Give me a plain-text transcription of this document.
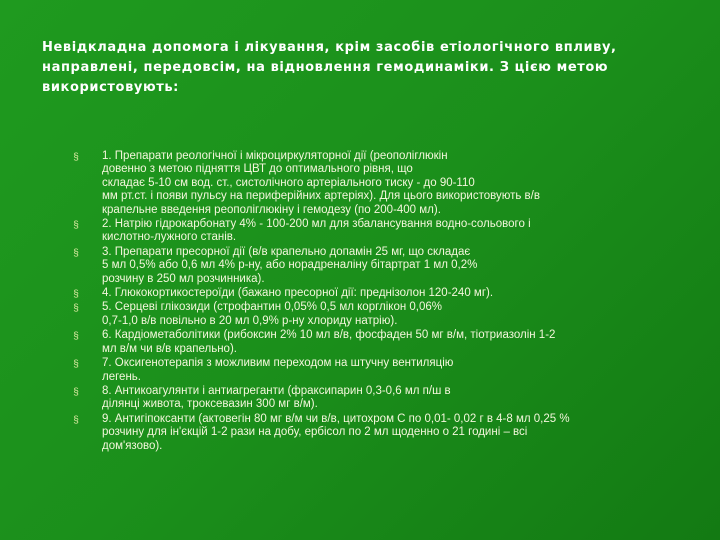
Невідкладна допомога і лікування, крім засобів етіологічного впливу, направлені, передовсім, на відновлення гемодинаміки. З цією метою використовують:
§ 1. Препарати реологічної і мікроциркуляторної дії (реополіглюкін
довенно з метою підняття ЦВТ до оптимального рівня, що
складає 5-10 см вод. ст., систолічного артеріального тиску - до 90-110
мм рт.ст. і появи пульсу на периферійних артеріях). Для цього використовують в/в
крапельне введення реополіглюкіну і гемодезу (по 200-400 мл).
§ 2. Натрію гідрокарбонату 4% - 100-200 мл для збалансування водно-сольового і
кислотно-лужного станів.
§ 3. Препарати пресорної дії (в/в крапельно допамін 25 мг, що складає
5 мл 0,5% або 0,6 мл 4% р-ну, або норадреналіну бітартрат 1 мл 0,2%
розчину в 250 мл розчинника).
§ 4. Глюкокортикостероїди (бажано пресорної дії: преднізолон 120-240 мг).
§ 5. Серцеві глікозиди (строфантин 0,05% 0,5 мл корглікон 0,06%
0,7-1,0 в/в повільно в 20 мл 0,9% р-ну хлориду натрію).
§ 6. Кардіометаболітики (рибоксин 2% 10 мл в/в, фосфаден 50 мг в/м, тіотриазолін 1-2
мл в/м чи в/в крапельно).
§ 7. Оксигенотерапія з можливим переходом на штучну вентиляцію
легень.
§ 8. Антикоагулянти і антиагреганти (фраксипарин 0,3-0,6 мл п/ш в
ділянці живота, троксевазин 300 мг в/м).
§ 9. Антигіпоксанти (актовегін 80 мг в/м чи в/в, цитохром С по 0,01- 0,02 г в 4-8 мл 0,25 %
розчину для ін'єкцій 1-2 рази на добу, ербісол по 2 мл щоденно о 21 годині – всі
дом'язово).
